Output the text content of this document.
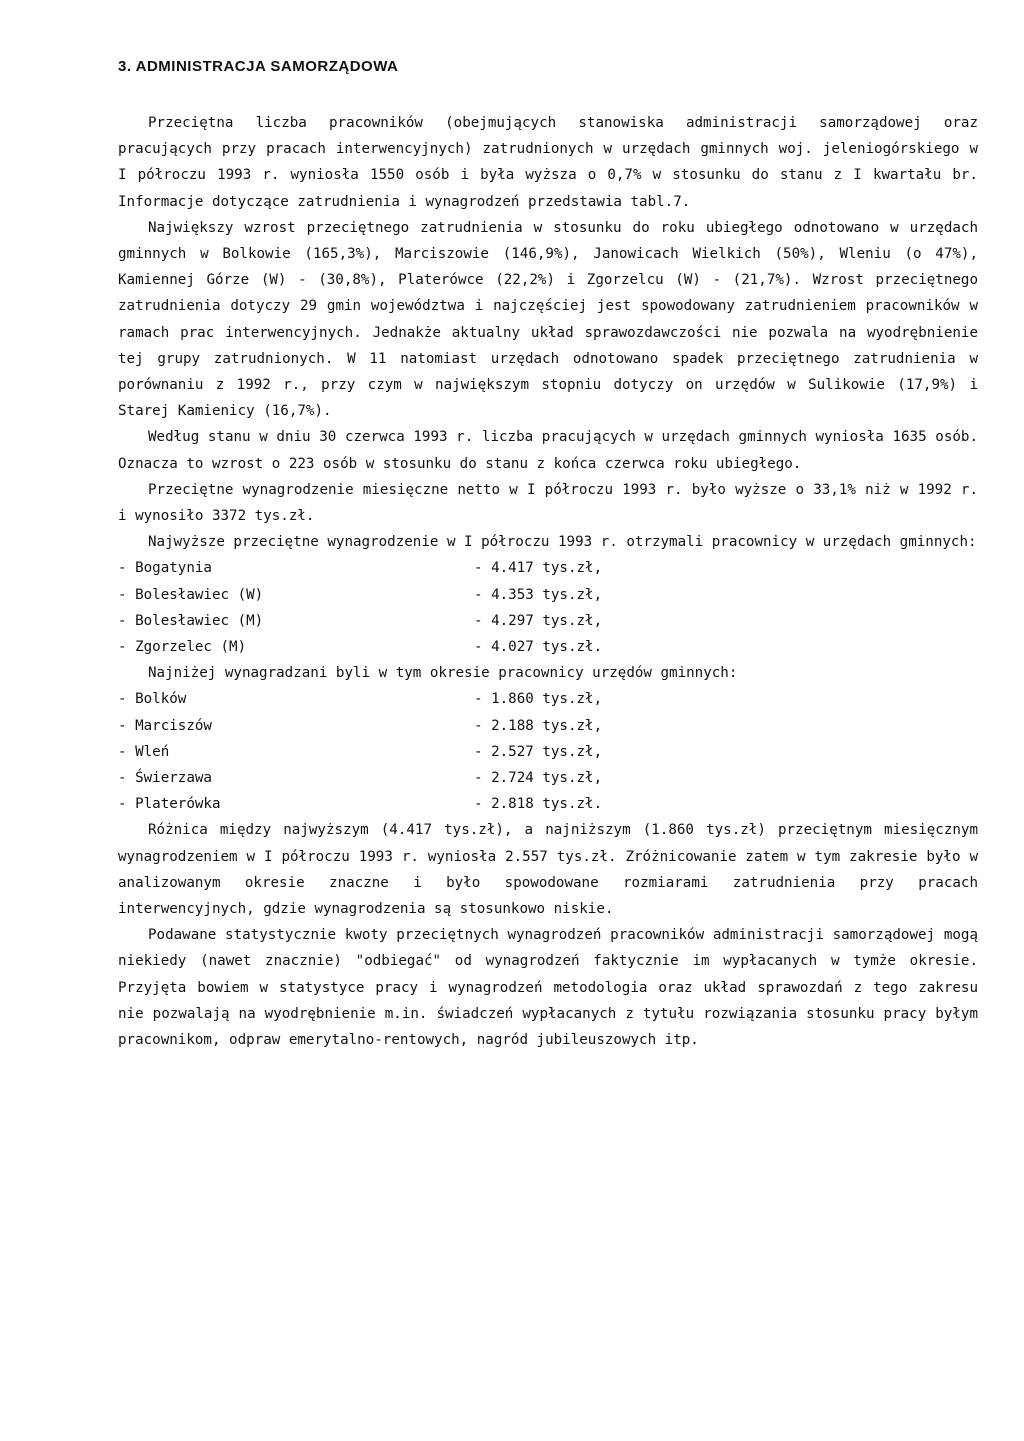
3. ADMINISTRACJA SAMORZĄDOWA

Przeciętna liczba pracowników (obejmujących stanowiska administracji samorządowej oraz pracujących przy pracach interwencyjnych) zatrudnionych w urzędach gminnych woj. jeleniogórskiego w I półroczu 1993 r. wyniosła 1550 osób i była wyższa o 0,7% w stosunku do stanu z I kwartału br. Informacje dotyczące zatrudnienia i wynagrodzeń przedstawia tabl.7.

Największy wzrost przeciętnego zatrudnienia w stosunku do roku ubiegłego odnotowano w urzędach gminnych w Bolkowie (165,3%), Marciszowie (146,9%), Janowicach Wielkich (50%), Wleniu (o 47%), Kamiennej Górze (W) - (30,8%), Platerówce (22,2%) i Zgorzelcu (W) - (21,7%). Wzrost przeciętnego zatrudnienia dotyczy 29 gmin województwa i najczęściej jest spowodowany zatrudnieniem pracowników w ramach prac interwencyjnych. Jednakże aktualny układ sprawozdawczości nie pozwala na wyodrębnienie tej grupy zatrudnionych. W 11 natomiast urzędach odnotowano spadek przeciętnego zatrudnienia w porównaniu z 1992 r., przy czym w największym stopniu dotyczy on urzędów w Sulikowie (17,9%) i Starej Kamienicy (16,7%).

Według stanu w dniu 30 czerwca 1993 r. liczba pracujących w urzędach gminnych wyniosła 1635 osób. Oznacza to wzrost o 223 osób w stosunku do stanu z końca czerwca roku ubiegłego.

Przeciętne wynagrodzenie miesięczne netto w I półroczu 1993 r. było wyższe o 33,1% niż w 1992 r. i wynosiło 3372 tys.zł.

Najwyższe przeciętne wynagrodzenie w I półroczu 1993 r. otrzymali pracownicy w urzędach gminnych:

- Bogatynia	- 4.417 tys.zł,
- Bolesławiec (W)	- 4.353 tys.zł,
- Bolesławiec (M)	- 4.297 tys.zł,
- Zgorzelec (M)	- 4.027 tys.zł.

Najniżej wynagradzani byli w tym okresie pracownicy urzędów gminnych:

- Bolków	- 1.860 tys.zł,
- Marciszów	- 2.188 tys.zł,
- Wleń	- 2.527 tys.zł,
- Świerzawa	- 2.724 tys.zł,
- Platerówka	- 2.818 tys.zł.

Różnica między najwyższym (4.417 tys.zł), a najniższym (1.860 tys.zł) przeciętnym miesięcznym wynagrodzeniem w I półroczu 1993 r. wyniosła 2.557 tys.zł. Zróżnicowanie zatem w tym zakresie było w analizowanym okresie znaczne i było spowodowane rozmiarami zatrudnienia przy pracach interwencyjnych, gdzie wynagrodzenia są stosunkowo niskie.

Podawane statystycznie kwoty przeciętnych wynagrodzeń pracowników administracji samorządowej mogą niekiedy (nawet znacznie) "odbiegać" od wynagrodzeń faktycznie im wypłacanych w tymże okresie. Przyjęta bowiem w statystyce pracy i wynagrodzeń metodologia oraz układ sprawozdań z tego zakresu nie pozwalają na wyodrębnienie m.in. świadczeń wypłacanych z tytułu rozwiązania stosunku pracy byłym pracownikom, odpraw emerytalno-rentowych, nagród jubileuszowych itp.
